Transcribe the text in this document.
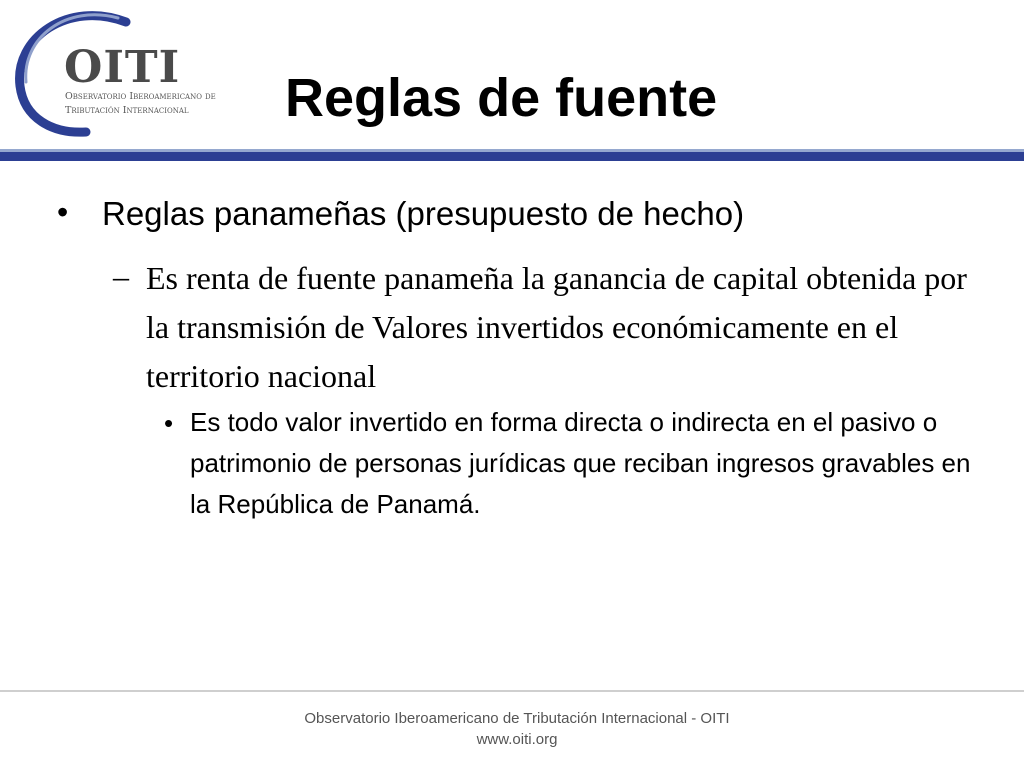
OITI
Observatorio Iberoamericano de
Tributación Internacional Reglas de fuente
• Reglas panameñas (presupuesto de hecho)
– Es renta de fuente panameña la ganancia de capital obtenida por la transmisión de Valores invertidos económicamente en el territorio nacional
• Es todo valor invertido en forma directa o indirecta en el pasivo o patrimonio de personas jurídicas que reciban ingresos gravables en la República de Panamá.
Observatorio Iberoamericano de Tributación Internacional - OITI
www.oiti.org
